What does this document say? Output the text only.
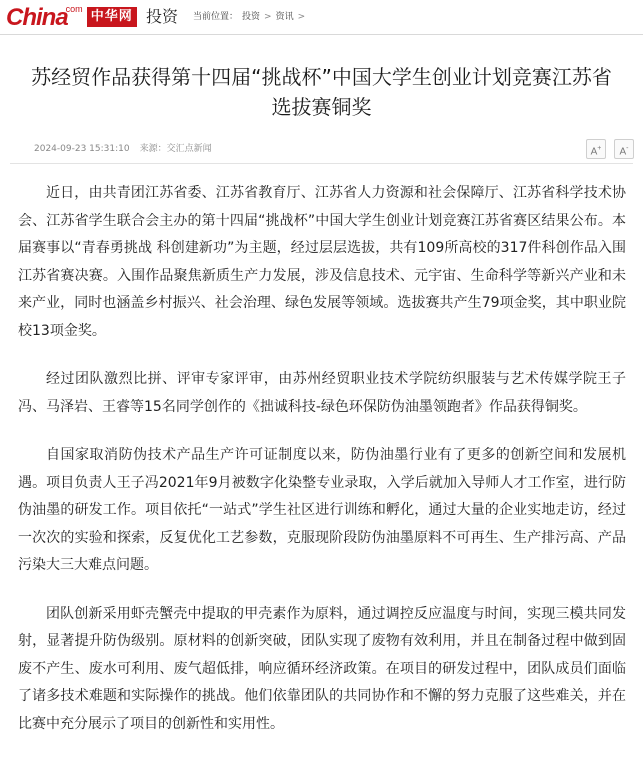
China
com 中华网 投资 当前位置： 投资 > 资讯 >
苏经贸作品获得第十四届“挑战杯”中国大学生创业计划竞赛江苏省
选拔赛铜奖
2024-09-23 15:31:10 来源：交汇点新闻	A+	A-

近日，由共青团江苏省委、江苏省教育厅、江苏省人力资源和社会保障厅、江苏省科学技术协会、江苏省学生联合会主办的第十四届“挑战杯”中国大学生创业计划竞赛江苏省赛区结果公布。本届赛事以“青春勇挑战 科创建新功”为主题，经过层层选拔，共有109所高校的317件科创作品入围江苏省赛决赛。入围作品聚焦新质生产力发展，涉及信息技术、元宇宙、生命科学等新兴产业和未来产业，同时也涵盖乡村振兴、社会治理、绿色发展等领域。选拔赛共产生79项金奖，其中职业院校13项金奖。

经过团队激烈比拼、评审专家评审，由苏州经贸职业技术学院纺织服装与艺术传媒学院王子冯、马泽岩、王睿等15名同学创作的《拙诚科技-绿色环保防伪油墨领跑者》作品获得铜奖。

自国家取消防伪技术产品生产许可证制度以来，防伪油墨行业有了更多的创新空间和发展机遇。项目负责人王子冯2021年9月被数字化染整专业录取，入学后就加入导师人才工作室，进行防伪油墨的研发工作。项目依托“一站式”学生社区进行训练和孵化，通过大量的企业实地走访，经过一次次的实验和探索，反复优化工艺参数，克服现阶段防伪油墨原料不可再生、生产排污高、产品污染大三大难点问题。

团队创新采用虾壳蟹壳中提取的甲壳素作为原料，通过调控反应温度与时间，实现三模共同发射，显著提升防伪级别。原材料的创新突破，团队实现了废物有效利用，并且在制备过程中做到固废不产生、废水可利用、废气超低排，响应循环经济政策。在项目的研发过程中，团队成员们面临了诸多技术难题和实际操作的挑战。他们依靠团队的共同协作和不懈的努力克服了这些难关，并在比赛中充分展示了项目的创新性和实用性。
